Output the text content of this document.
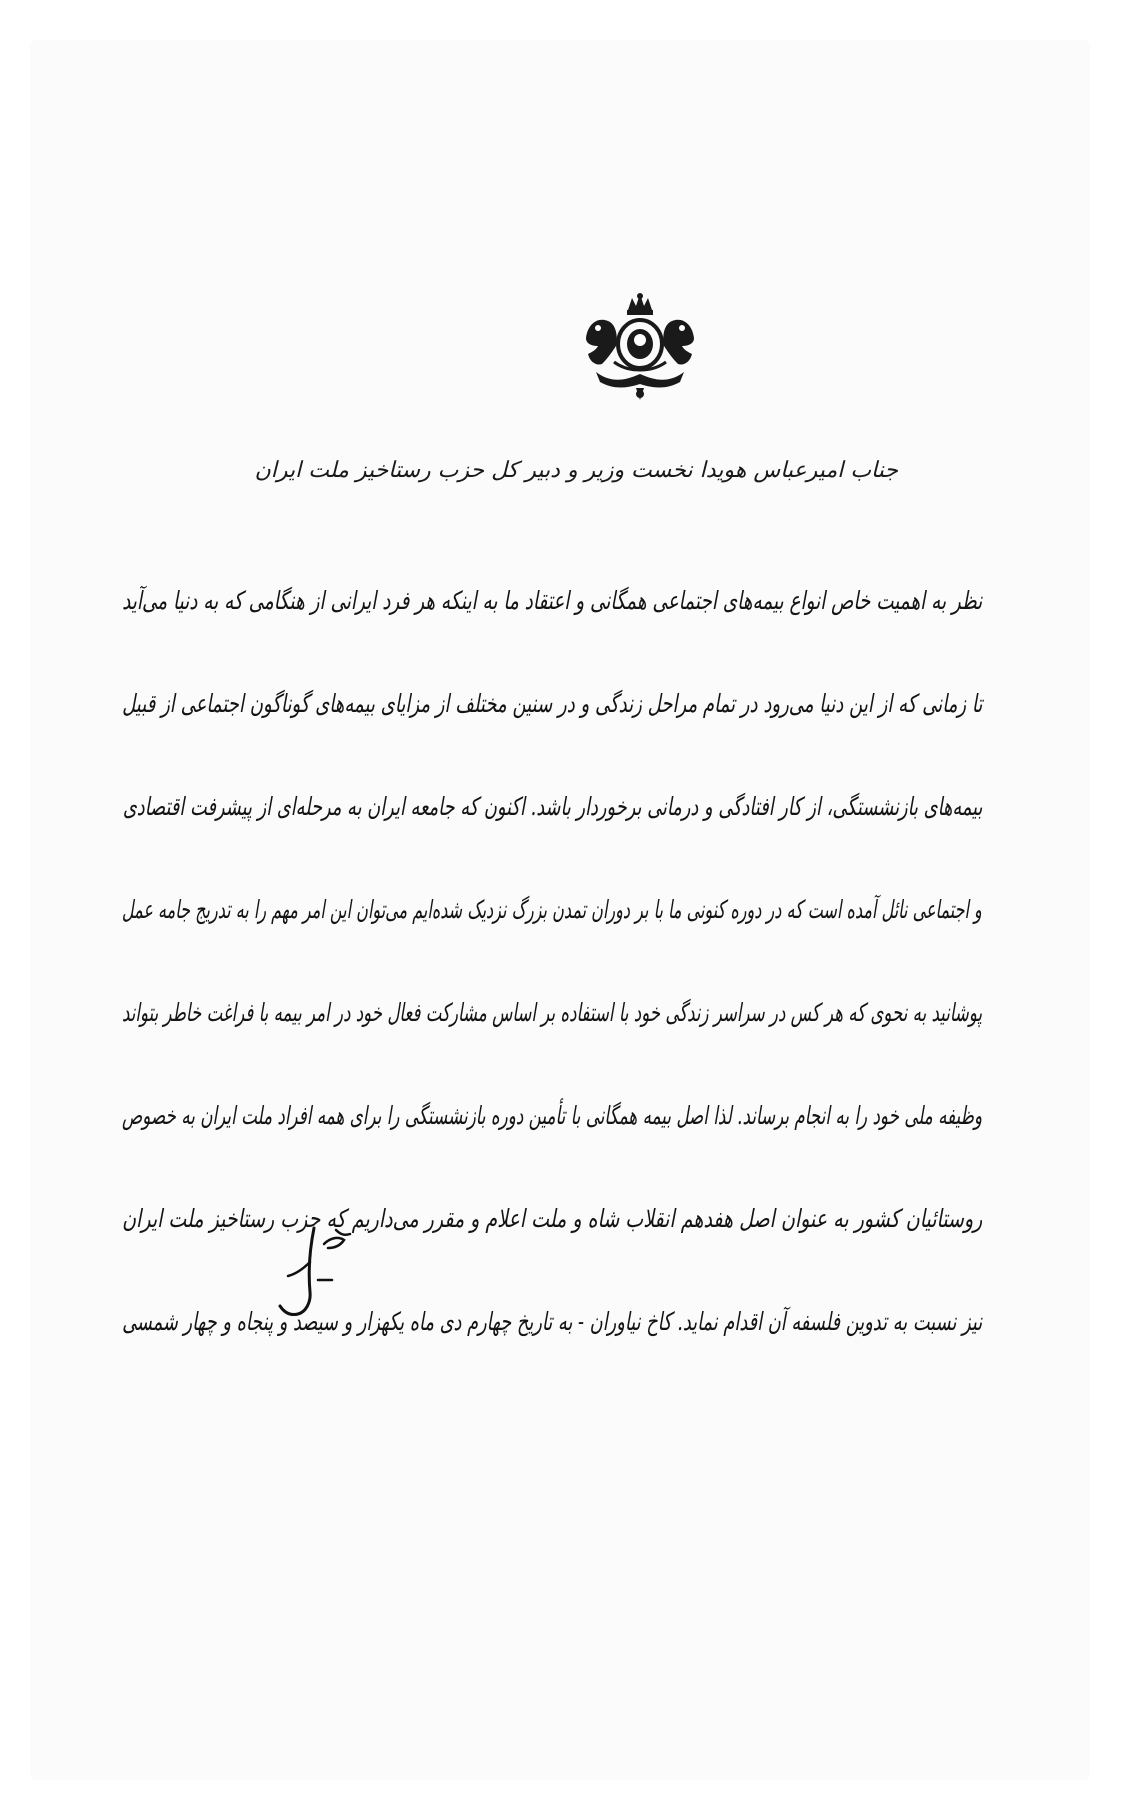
جناب امیرعباس هویدا نخست وزیر و دبیر کل حزب رستاخیز ملت ایران
نظر به اهمیت خاص انواع بیمه‌های اجتماعی همگانی و اعتقاد ما به اینکه هر فرد ایرانی از هنگامی که به دنیا می‌آید
تا زمانی که از این دنیا می‌رود در تمام مراحل زندگی و در سنین مختلف از مزایای بیمه‌های گوناگون اجتماعی از قبیل
بیمه‌های بازنشستگی، از کار افتادگی و درمانی برخوردار باشد. اکنون که جامعه ایران به مرحله‌ای از پیشرفت اقتصادی
و اجتماعی نائل آمده است که در دوره کنونی ما با بر دوران تمدن بزرگ نزدیک شده‌ایم می‌توان این امر مهم را به تدریج جامه عمل
پوشانید به نحوی که هر کس در سراسر زندگی خود با استفاده بر اساس مشارکت فعال خود در امر بیمه با فراغت خاطر بتواند
وظیفه ملی خود را به انجام برساند. لذا اصل بیمه همگانی با تأمین دوره بازنشستگی را برای همه افراد ملت ایران به خصوص
روستائیان کشور به عنوان اصل هفدهم انقلاب شاه و ملت اعلام و مقرر می‌داریم که حزب رستاخیز ملت ایران
نیز نسبت به تدوین فلسفه آن اقدام نماید. کاخ نیاوران - به تاریخ چهارم دی ماه یکهزار و سیصد و پنجاه و چهار شمسی
